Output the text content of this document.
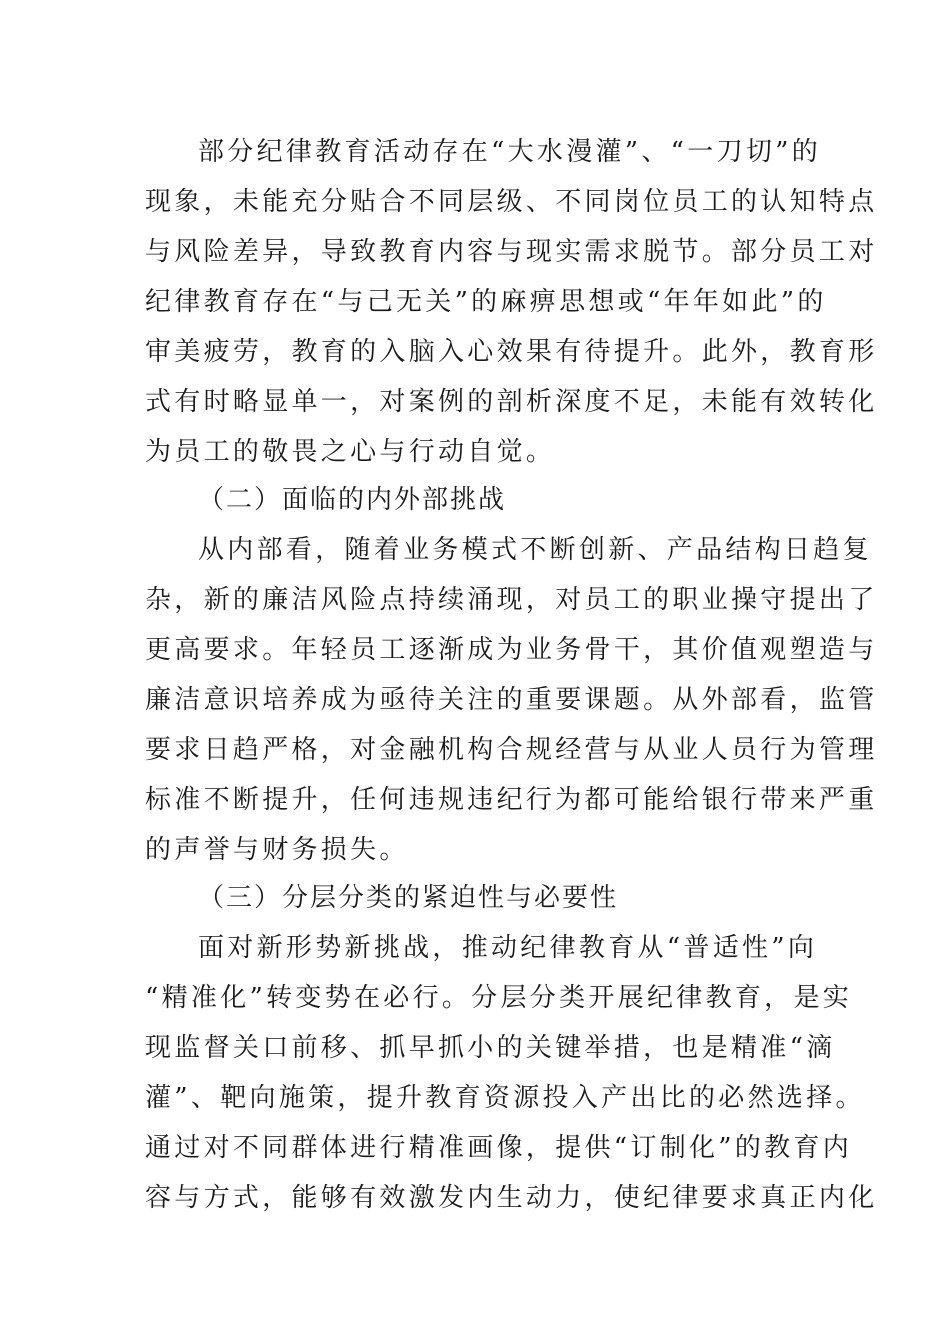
部分纪律教育活动存在“大水漫灌”、“一刀切”的
现象，未能充分贴合不同层级、不同岗位员工的认知特点
与风险差异，导致教育内容与现实需求脱节。部分员工对
纪律教育存在“与己无关”的麻痹思想或“年年如此”的
审美疲劳，教育的入脑入心效果有待提升。此外，教育形
式有时略显单一，对案例的剖析深度不足，未能有效转化
为员工的敬畏之心与行动自觉。
（二）面临的内外部挑战
从内部看，随着业务模式不断创新、产品结构日趋复
杂，新的廉洁风险点持续涌现，对员工的职业操守提出了
更高要求。年轻员工逐渐成为业务骨干，其价值观塑造与
廉洁意识培养成为亟待关注的重要课题。从外部看，监管
要求日趋严格，对金融机构合规经营与从业人员行为管理
标准不断提升，任何违规违纪行为都可能给银行带来严重
的声誉与财务损失。
（三）分层分类的紧迫性与必要性
面对新形势新挑战，推动纪律教育从“普适性”向
“精准化”转变势在必行。分层分类开展纪律教育，是实
现监督关口前移、抓早抓小的关键举措，也是精准“滴
灌”、靶向施策，提升教育资源投入产出比的必然选择。
通过对不同群体进行精准画像，提供“订制化”的教育内
容与方式，能够有效激发内生动力，使纪律要求真正内化
